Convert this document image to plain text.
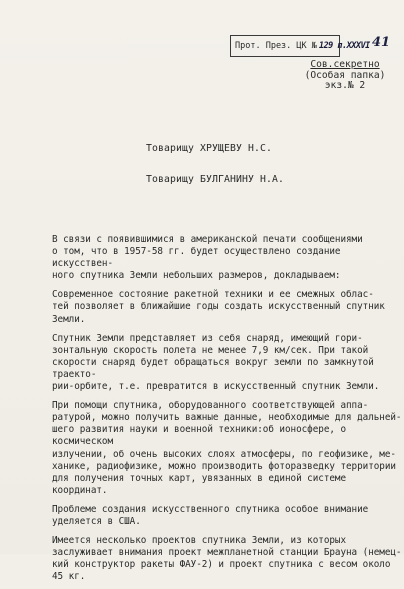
Прот. През. ЦК № 129 п.XXXVI 41
Сов.секретно
(Особая папка)
экз.№ 2
Товарищу ХРУЩЕВУ Н.С.
Товарищу БУЛГАНИНУ Н.А.

В связи с появившимися в американской печати сообщениями
о том, что в 1957-58 гг. будет осуществлено создание искусствен-
ного спутника Земли небольших размеров, докладываем:

Современное состояние ракетной техники и ее смежных облас-
тей позволяет в ближайшие годы создать искусственный спутник
Земли.

Спутник Земли представляет из себя снаряд, имеющий гори-
зонтальную скорость полета не менее 7,9 км/сек. При такой
скорости снаряд будет обращаться вокруг земли по замкнутой траекто-
рии-орбите, т.е. превратится в искусственный спутник Земли.

При помощи спутника, оборудованного соответствующей аппа-
ратурой, можно получить важные данные, необходимые для дальней-
шего развития науки и военной техники:об ионосфере, о космическом
излучении, об очень высоких слоях атмосферы, по геофизике, ме-
ханике, радиофизике, можно производить фоторазведку территории
для получения точных карт, увязанных в единой системе координат.

Проблеме создания искусственного спутника особое внимание
уделяется в США.

Имеется несколько проектов спутника Земли, из которых
заслуживает внимания проект межпланетной станции Брауна (немец-
кий конструктор ракеты ФАУ-2) и проект спутника с весом около
45 кг.
